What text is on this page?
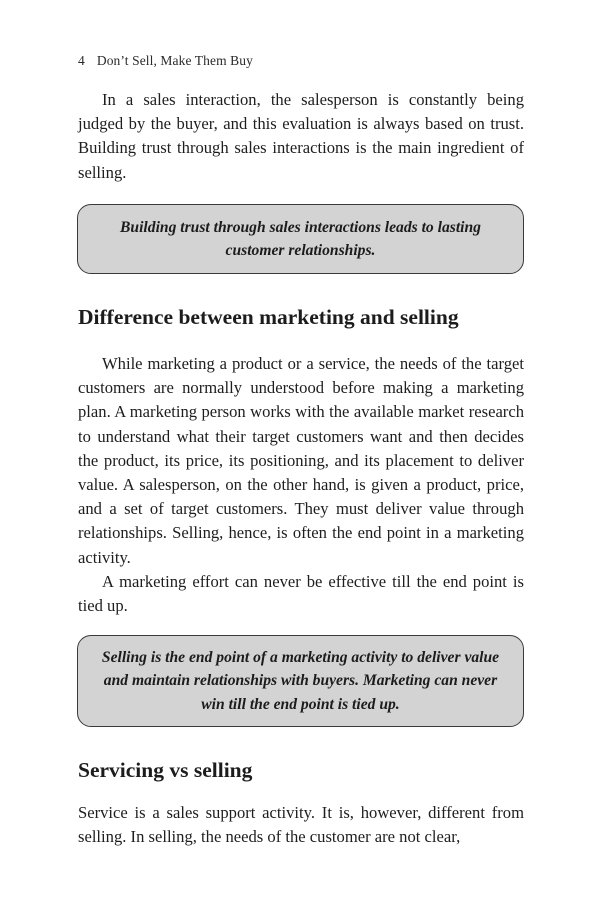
4 Don’t Sell, Make Them Buy

In a sales interaction, the salesperson is constantly being judged by the buyer, and this evaluation is always based on trust. Building trust through sales interactions is the main ingredient of selling.

Building trust through sales interactions leads to lasting customer relationships.
Difference between marketing and selling

While marketing a product or a service, the needs of the target customers are normally understood before making a marketing plan. A marketing person works with the available market research to understand what their target customers want and then decides the product, its price, its positioning, and its placement to deliver value. A salesperson, on the other hand, is given a product, price, and a set of target customers. They must deliver value through relationships. Selling, hence, is often the end point in a marketing activity.

A marketing effort can never be effective till the end point is tied up.

Selling is the end point of a marketing activity to deliver value and maintain relationships with buyers. Marketing can never win till the end point is tied up.
Servicing vs selling

Service is a sales support activity. It is, however, different from selling. In selling, the needs of the customer are not clear,
